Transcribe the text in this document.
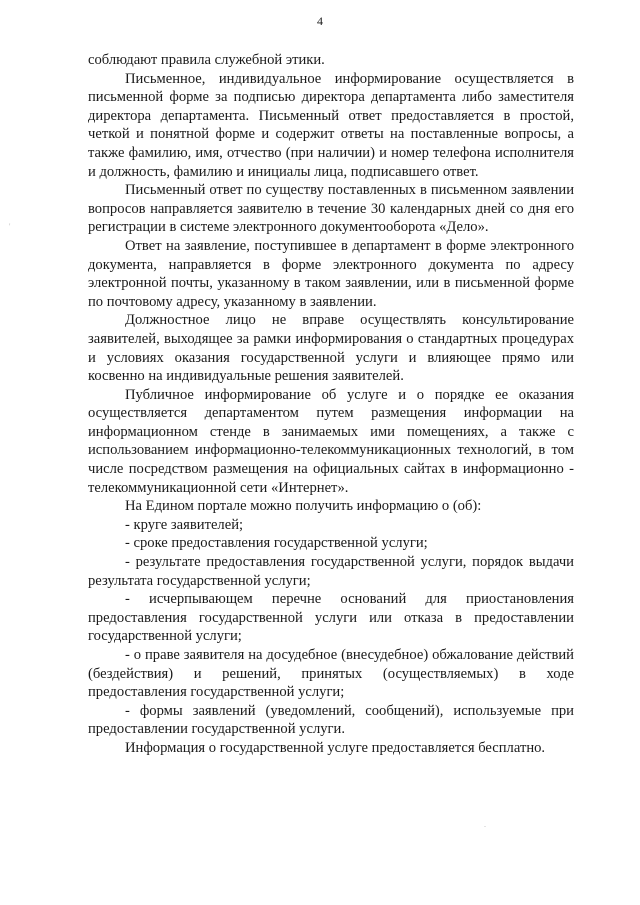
4

соблюдают правила служебной этики.

Письменное, индивидуальное информирование осуществляется в письменной форме за подписью директора департамента либо заместителя директора департамента. Письменный ответ предоставляется в простой, четкой и понятной форме и содержит ответы на поставленные вопросы, а также фамилию, имя, отчество (при наличии) и номер телефона исполнителя и должность, фамилию и инициалы лица, подписавшего ответ.

Письменный ответ по существу поставленных в письменном заявлении вопросов направляется заявителю в течение 30 календарных дней со дня его регистрации в системе электронного документооборота «Дело».

Ответ на заявление, поступившее в департамент в форме электронного документа, направляется в форме электронного документа по адресу электронной почты, указанному в таком заявлении, или в письменной форме по почтовому адресу, указанному в заявлении.

Должностное лицо не вправе осуществлять консультирование заявителей, выходящее за рамки информирования о стандартных процедурах и условиях оказания государственной услуги и влияющее прямо или косвенно на индивидуальные решения заявителей.

Публичное информирование об услуге и о порядке ее оказания осуществляется департаментом путем размещения информации на информационном стенде в занимаемых ими помещениях, а также с использованием информационно-телекоммуникационных технологий, в том числе посредством размещения на официальных сайтах в информационно - телекоммуникационной сети «Интернет».

На Едином портале можно получить информацию о (об):

- круге заявителей;

- сроке предоставления государственной услуги;

- результате предоставления государственной услуги, порядок выдачи результата государственной услуги;

- исчерпывающем перечне оснований для приостановления предоставления государственной услуги или отказа в предоставлении государственной услуги;

- о праве заявителя на досудебное (внесудебное) обжалование действий (бездействия) и решений, принятых (осуществляемых) в ходе предоставления государственной услуги;

- формы заявлений (уведомлений, сообщений), используемые при предоставлении государственной услуги.

Информация о государственной услуге предоставляется бесплатно.

'
.
